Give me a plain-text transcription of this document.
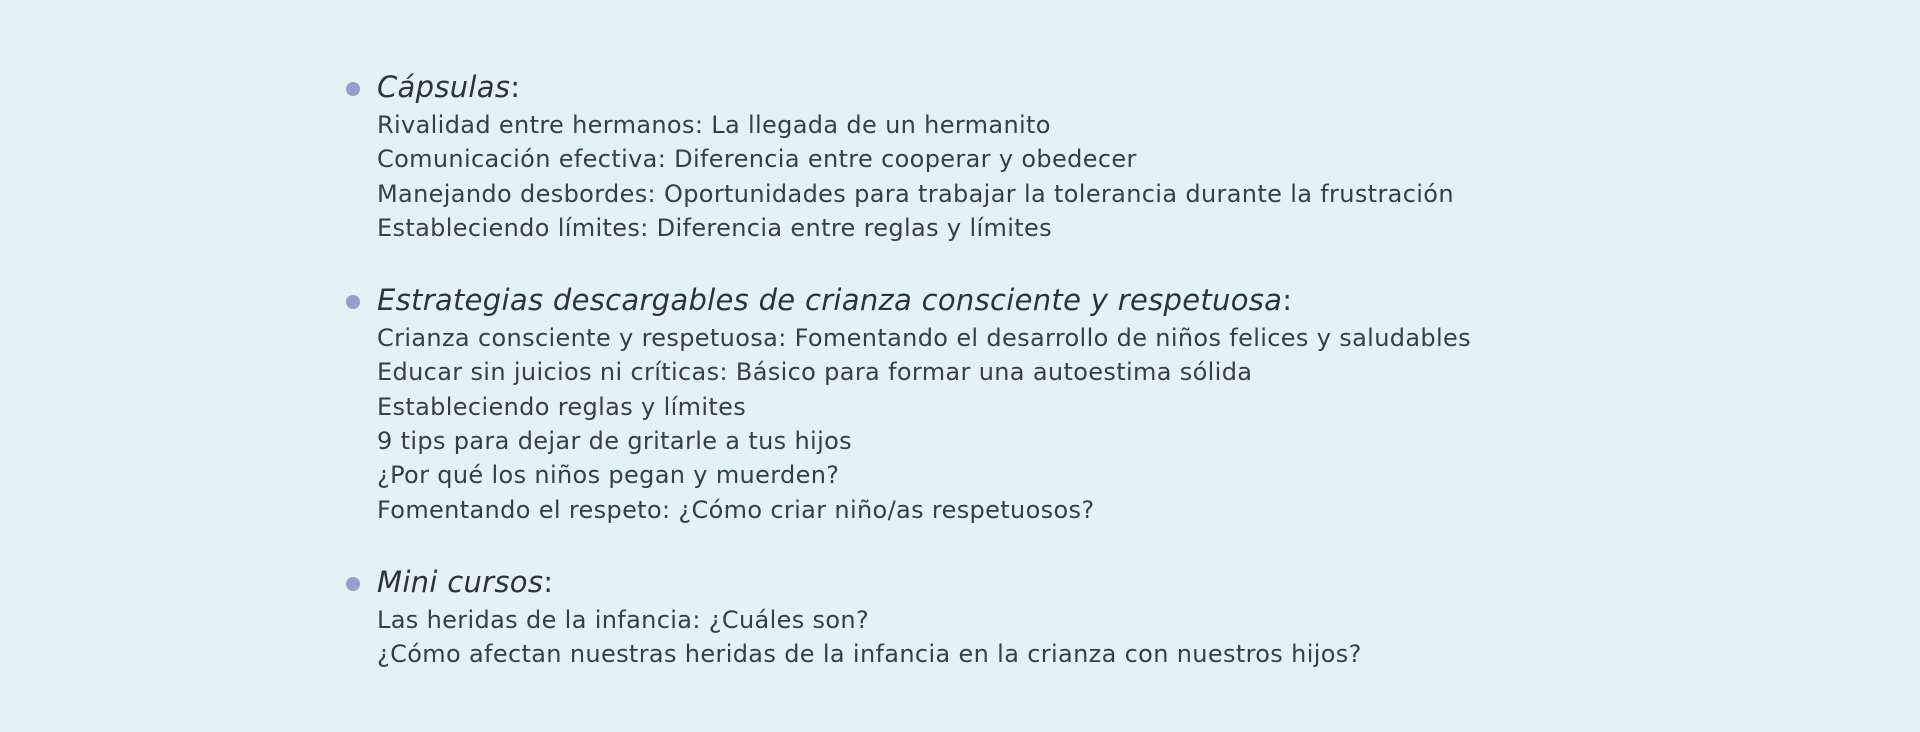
Cápsulas:
Rivalidad entre hermanos: La llegada de un hermanito
Comunicación efectiva: Diferencia entre cooperar y obedecer
Manejando desbordes: Oportunidades para trabajar la tolerancia durante la frustración
Estableciendo límites: Diferencia entre reglas y límites
Estrategias descargables de crianza consciente y respetuosa:
Crianza consciente y respetuosa: Fomentando el desarrollo de niños felices y saludables
Educar sin juicios ni críticas: Básico para formar una autoestima sólida
Estableciendo reglas y límites
9 tips para dejar de gritarle a tus hijos
¿Por qué los niños pegan y muerden?
Fomentando el respeto: ¿Cómo criar niño/as respetuosos?
Mini cursos:
Las heridas de la infancia: ¿Cuáles son?
¿Cómo afectan nuestras heridas de la infancia en la crianza con nuestros hijos?
